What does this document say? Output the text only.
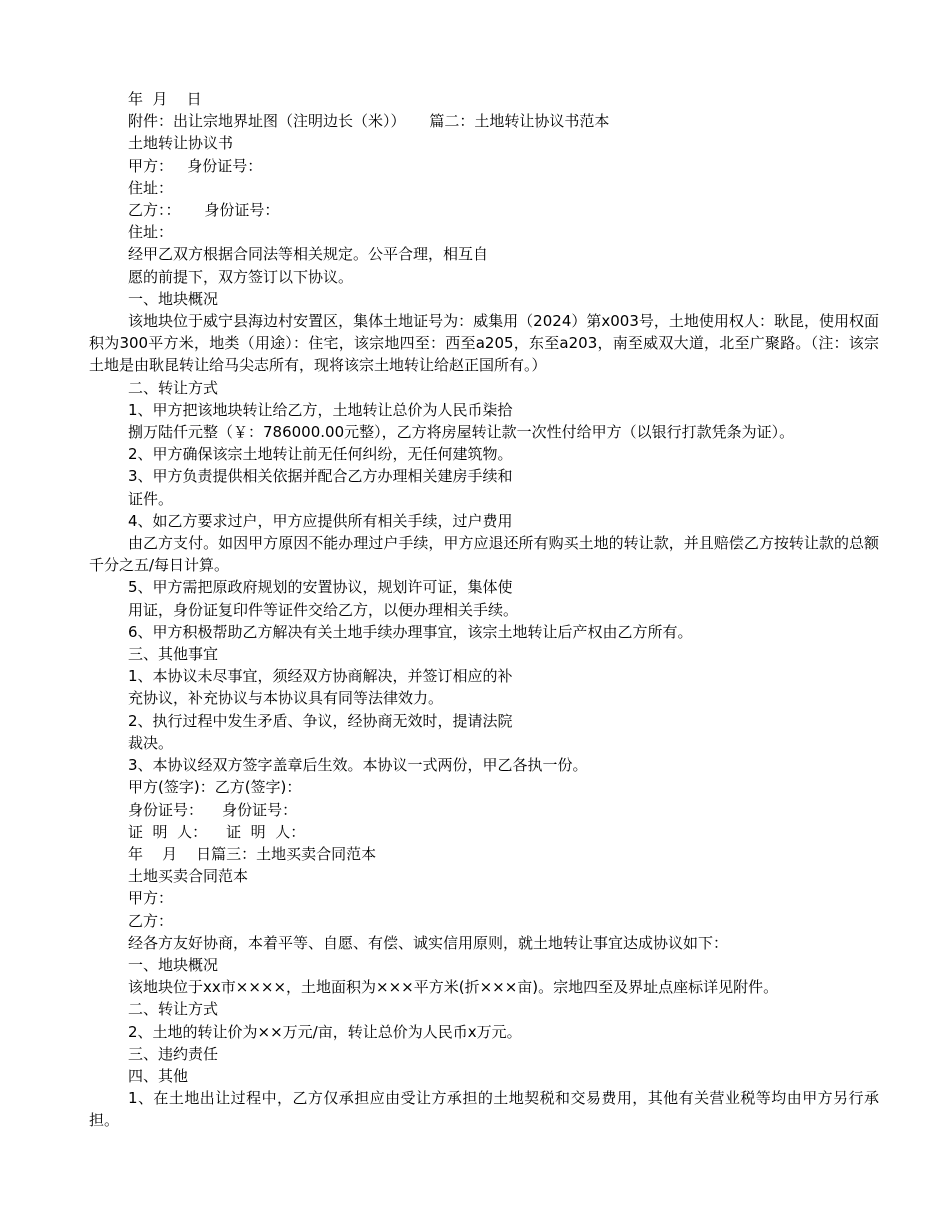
年  月    日
附件：出让宗地界址图（注明边长（米））     篇二：土地转让协议书范本
土地转让协议书
甲方：   身份证号：
住址：
乙方：：     身份证号：
住址：
经甲乙双方根据合同法等相关规定。公平合理，相互自
愿的前提下，双方签订以下协议。
一、地块概况
该地块位于威宁县海边村安置区，集体土地证号为：威集用（2024）第x003号，土地使用权人：耿昆，使用权面积为300平方米，地类（用途）：住宅，该宗地四至：西至a205，东至a203，南至威双大道，北至广聚路。（注：该宗土地是由耿昆转让给马尖志所有，现将该宗土地转让给赵正国所有。）
二、转让方式
1、甲方把该地块转让给乙方，土地转让总价为人民币柒拾
捌万陆仟元整（￥：786000.00元整），乙方将房屋转让款一次性付给甲方（以银行打款凭条为证）。
2、甲方确保该宗土地转让前无任何纠纷，无任何建筑物。
3、甲方负责提供相关依据并配合乙方办理相关建房手续和
证件。
4、如乙方要求过户，甲方应提供所有相关手续，过户费用
由乙方支付。如因甲方原因不能办理过户手续，甲方应退还所有购买土地的转让款，并且赔偿乙方按转让款的总额千分之五/每日计算。
5、甲方需把原政府规划的安置协议，规划许可证，集体使
用证，身份证复印件等证件交给乙方，以便办理相关手续。
6、甲方积极帮助乙方解决有关土地手续办理事宜，该宗土地转让后产权由乙方所有。
三、其他事宜
1、本协议未尽事宜，须经双方协商解决，并签订相应的补
充协议，补充协议与本协议具有同等法律效力。
2、执行过程中发生矛盾、争议，经协商无效时，提请法院
裁决。
3、本协议经双方签字盖章后生效。本协议一式两份，甲乙各执一份。
甲方(签字)：乙方(签字)：
身份证号：    身份证号：
证  明  人：    证  明  人：
年    月    日篇三：土地买卖合同范本
土地买卖合同范本
甲方：
乙方：
经各方友好协商，本着平等、自愿、有偿、诚实信用原则，就土地转让事宜达成协议如下：
一、地块概况
该地块位于xx市××××，土地面积为×××平方米(折×××亩)。宗地四至及界址点座标详见附件。
二、转让方式
2、土地的转让价为××万元/亩，转让总价为人民币x万元。
三、违约责任
四、其他
1、在土地出让过程中，乙方仅承担应由受让方承担的土地契税和交易费用，其他有关营业税等均由甲方另行承担。
